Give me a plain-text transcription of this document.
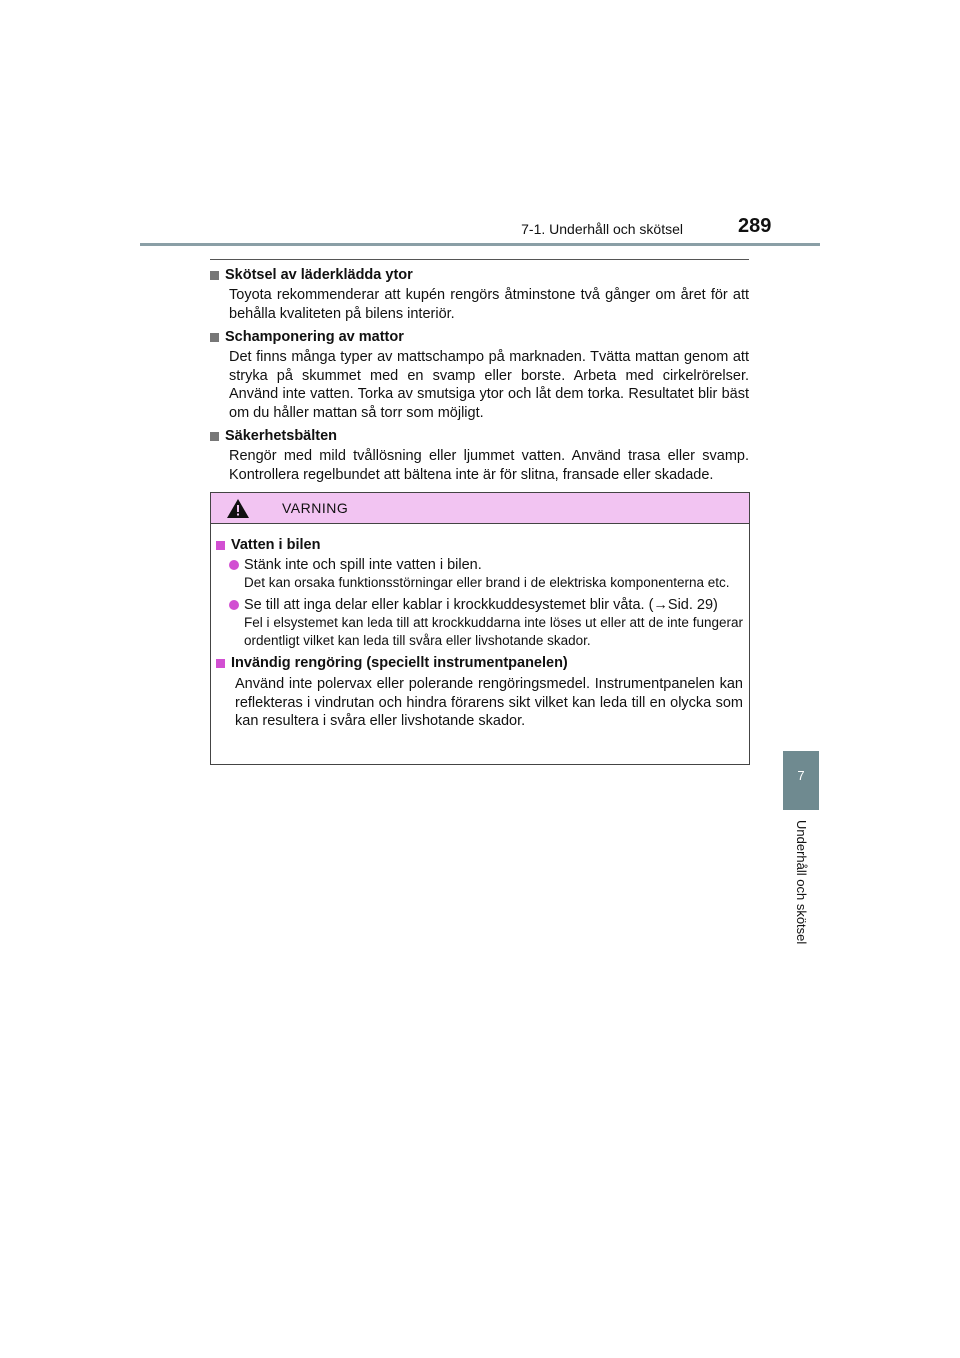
7-1. Underhåll och skötsel	289
7
Underhåll och skötsel
Skötsel av läderklädda ytor
Toyota rekommenderar att kupén rengörs åtminstone två gånger om året för att behålla kvaliteten på bilens interiör.
Schamponering av mattor
Det finns många typer av mattschampo på marknaden. Tvätta mattan genom att stryka på skummet med en svamp eller borste. Arbeta med cirkelrörelser. Använd inte vatten. Torka av smutsiga ytor och låt dem torka. Resultatet blir bäst om du håller mattan så torr som möjligt.
Säkerhetsbälten
Rengör med mild tvållösning eller ljummet vatten. Använd trasa eller svamp. Kontrollera regelbundet att bältena inte är för slitna, fransade eller skadade.
VARNING
Vatten i bilen
Stänk inte och spill inte vatten i bilen.
Det kan orsaka funktionsstörningar eller brand i de elektriska komponenterna etc.
Se till att inga delar eller kablar i krockkuddesystemet blir våta. (→Sid. 29)
Fel i elsystemet kan leda till att krockkuddarna inte löses ut eller att de inte fungerar ordentligt vilket kan leda till svåra eller livshotande skador.
Invändig rengöring (speciellt instrumentpanelen)
Använd inte polervax eller polerande rengöringsmedel. Instrumentpanelen kan reflekteras i vindrutan och hindra förarens sikt vilket kan leda till en olycka som kan resultera i svåra eller livshotande skador.
